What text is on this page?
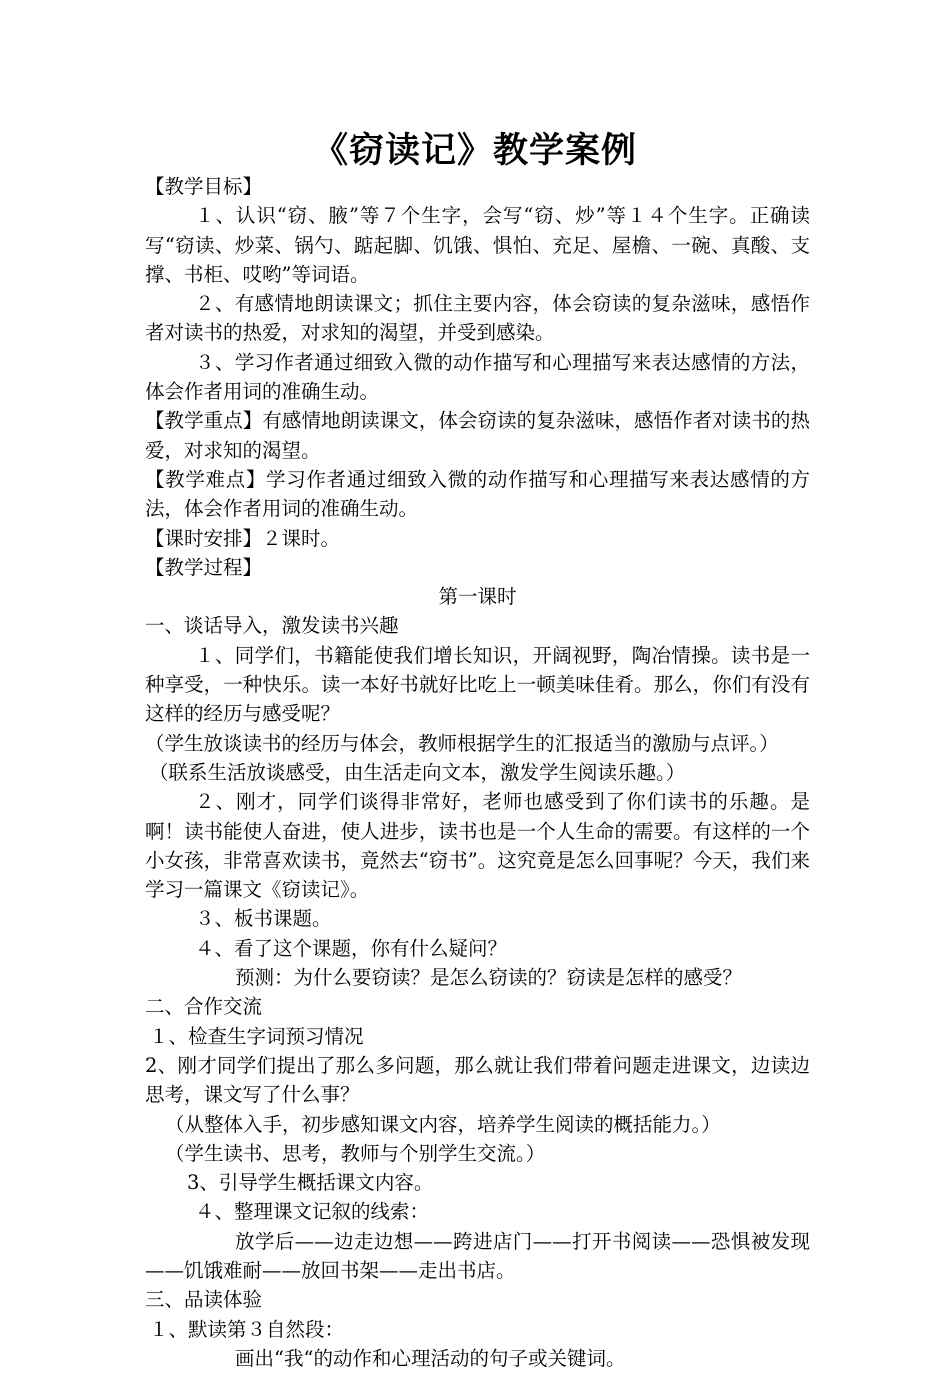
《窃读记》教学案例

【教学目标】

１、认识“窃、腋”等７个生字，会写“窃、炒”等１４个生字。正确读写“窃读、炒菜、锅勺、踮起脚、饥饿、惧怕、充足、屋檐、一碗、真酸、支撑、书柜、哎哟”等词语。

２、有感情地朗读课文；抓住主要内容，体会窃读的复杂滋味，感悟作者对读书的热爱，对求知的渴望，并受到感染。

３、学习作者通过细致入微的动作描写和心理描写来表达感情的方法，体会作者用词的准确生动。

【教学重点】有感情地朗读课文，体会窃读的复杂滋味，感悟作者对读书的热爱，对求知的渴望。

【教学难点】学习作者通过细致入微的动作描写和心理描写来表达感情的方法，体会作者用词的准确生动。

【课时安排】２课时。

【教学过程】

第一课时

一、谈话导入，激发读书兴趣

１、同学们，书籍能使我们增长知识，开阔视野，陶冶情操。读书是一种享受，一种快乐。读一本好书就好比吃上一顿美味佳肴。那么，你们有没有这样的经历与感受呢？

（学生放谈读书的经历与体会，教师根据学生的汇报适当的激励与点评。）

（联系生活放谈感受，由生活走向文本，激发学生阅读乐趣。）

２、刚才，同学们谈得非常好，老师也感受到了你们读书的乐趣。是啊！读书能使人奋进，使人进步，读书也是一个人生命的需要。有这样的一个小女孩，非常喜欢读书，竟然去“窃书”。这究竟是怎么回事呢？今天，我们来学习一篇课文《窃读记》。

３、板书课题。

４、看了这个课题，你有什么疑问？

预测：为什么要窃读？是怎么窃读的？窃读是怎样的感受？

二、合作交流

１、检查生字词预习情况

2、刚才同学们提出了那么多问题，那么就让我们带着问题走进课文，边读边思考，课文写了什么事？

（从整体入手，初步感知课文内容，培养学生阅读的概括能力。）

（学生读书、思考，教师与个别学生交流。）

3、引导学生概括课文内容。

４、整理课文记叙的线索：

放学后——边走边想——跨进店门——打开书阅读——恐惧被发现——饥饿难耐——放回书架——走出书店。

三、品读体验

１、默读第３自然段：

画出“我“的动作和心理活动的句子或关键词。
